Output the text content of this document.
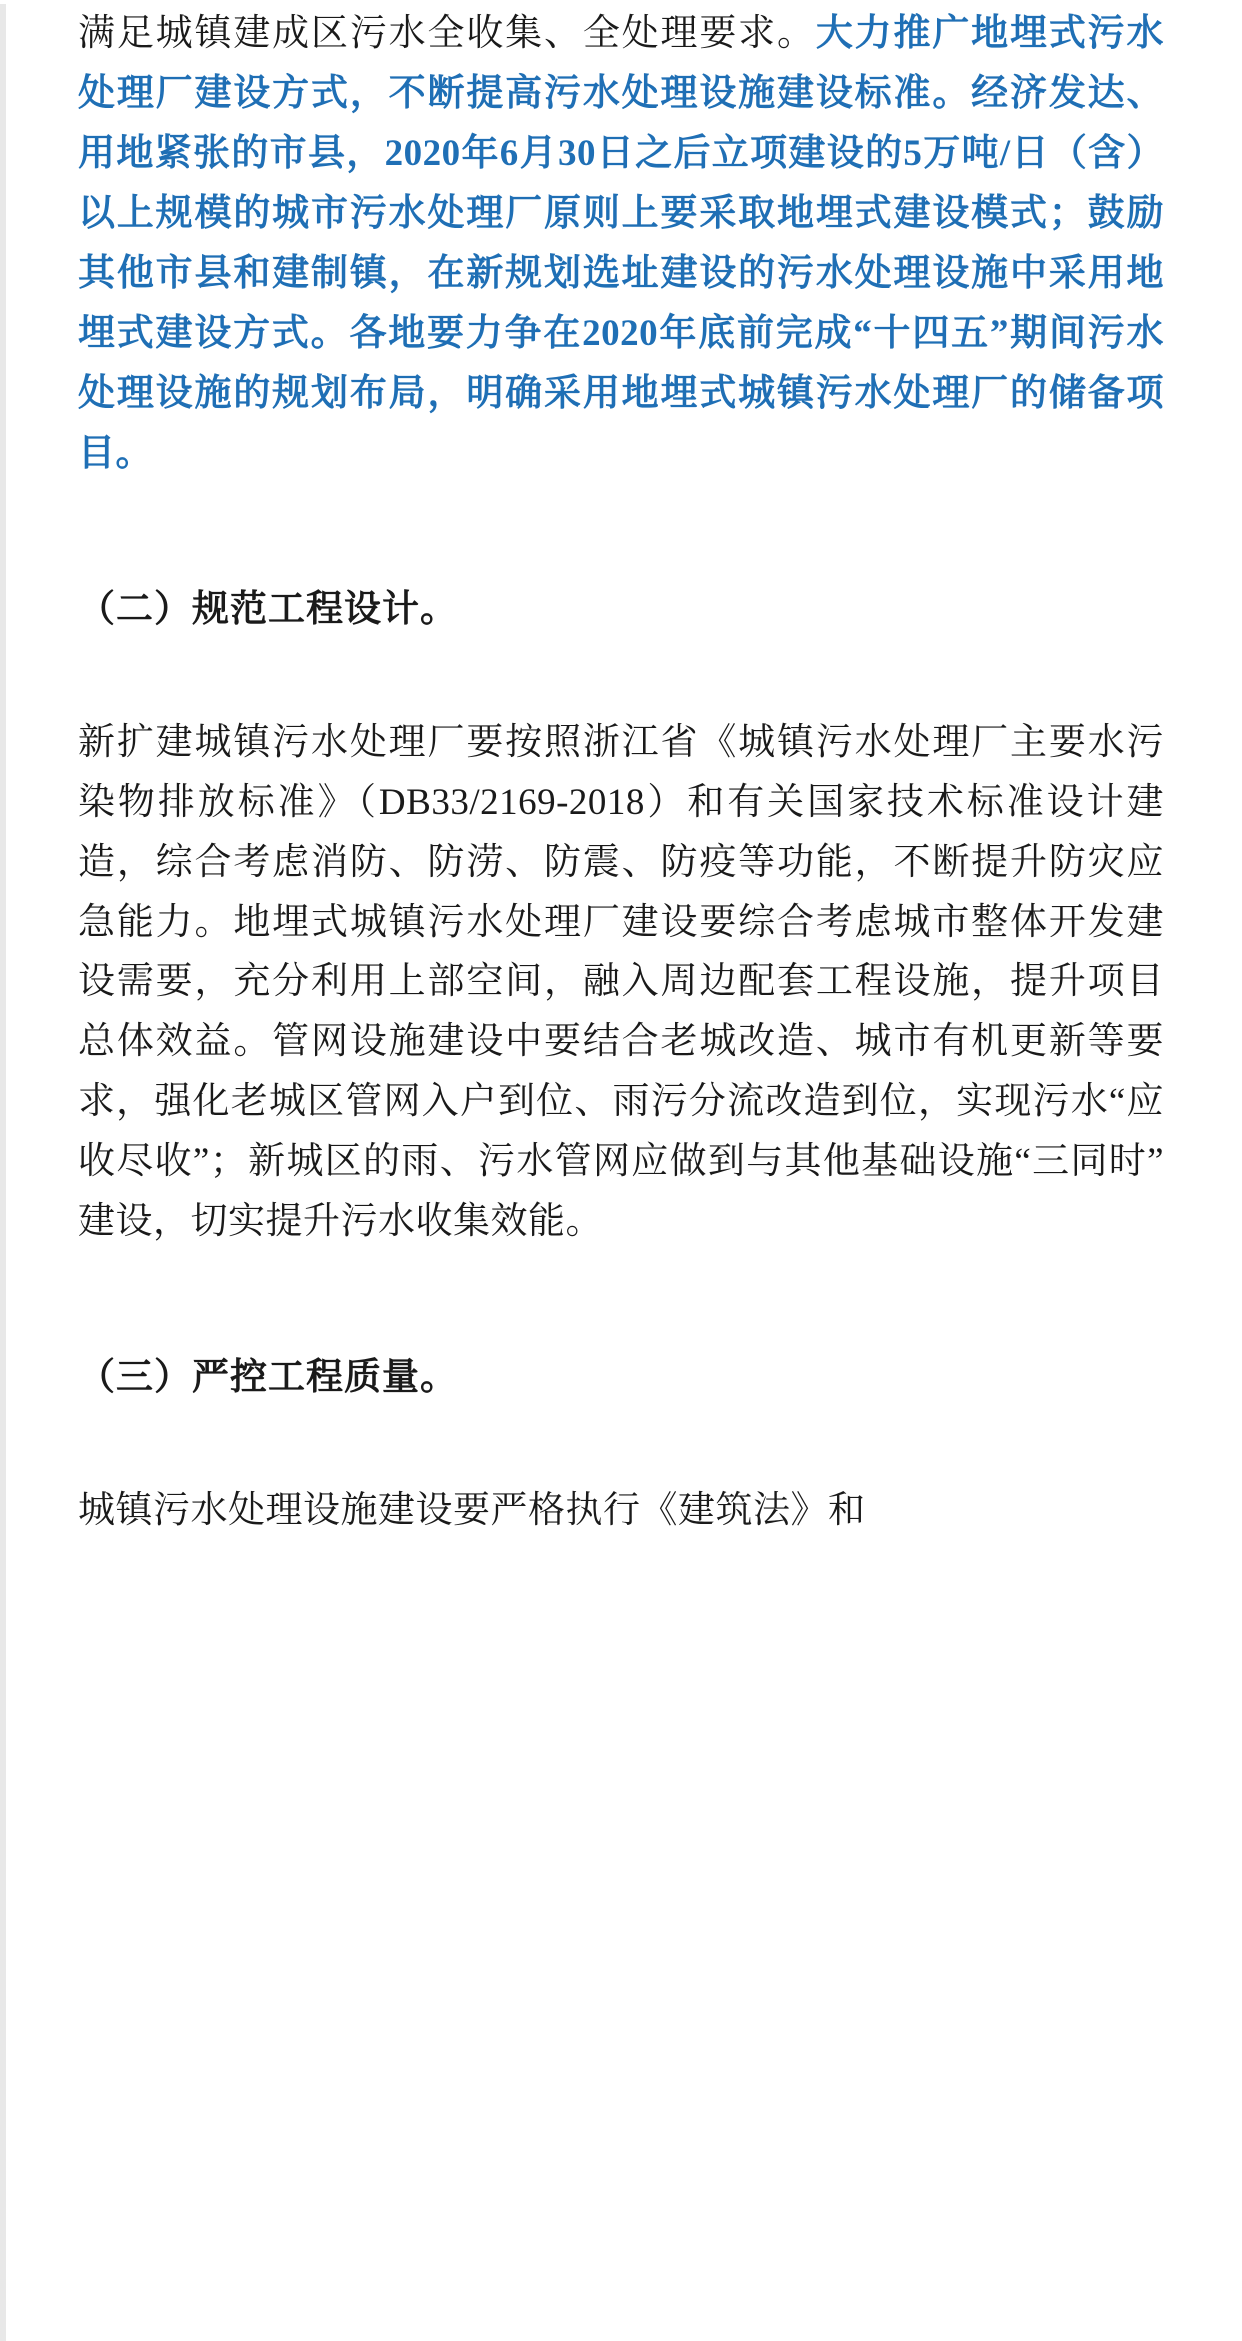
满足城镇建成区污水全收集、全处理要求。大力推广地埋式污水处理厂建设方式，不断提高污水处理设施建设标准。经济发达、用地紧张的市县，2020年6月30日之后立项建设的5万吨/日（含）以上规模的城市污水处理厂原则上要采取地埋式建设模式；鼓励其他市县和建制镇，在新规划选址建设的污水处理设施中采用地埋式建设方式。各地要力争在2020年底前完成“十四五”期间污水处理设施的规划布局，明确采用地埋式城镇污水处理厂的储备项目。

（二）规范工程设计。

新扩建城镇污水处理厂要按照浙江省《城镇污水处理厂主要水污染物排放标准》（DB33/2169-2018）和有关国家技术标准设计建造，综合考虑消防、防涝、防震、防疫等功能，不断提升防灾应急能力。地埋式城镇污水处理厂建设要综合考虑城市整体开发建设需要，充分利用上部空间，融入周边配套工程设施，提升项目总体效益。管网设施建设中要结合老城改造、城市有机更新等要求，强化老城区管网入户到位、雨污分流改造到位，实现污水“应收尽收”；新城区的雨、污水管网应做到与其他基础设施“三同时”建设，切实提升污水收集效能。

（三）严控工程质量。

城镇污水处理设施建设要严格执行《建筑法》和
